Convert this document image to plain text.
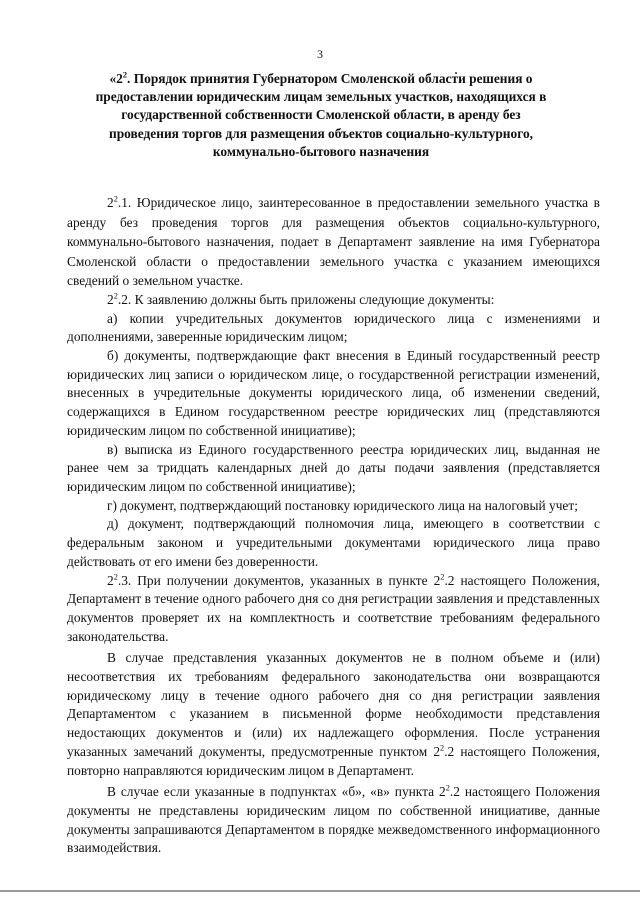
3
«$2^2$. Порядок принятия Губернатором Смоленской области решения о предоставлении юридическим лицам земельных участков, находящихся в государственной собственности Смоленской области, в аренду без проведения торгов для размещения объектов социально-культурного, коммунально-бытового назначения

$2^2.1$. Юридическое лицо, заинтересованное в предоставлении земельного участка в аренду без проведения торгов для размещения объектов социально-культурного, коммунально-бытового назначения, подает в Департамент заявление на имя Губернатора Смоленской области о предоставлении земельного участка с указанием имеющихся сведений о земельном участке.

$2^2.2$. К заявлению должны быть приложены следующие документы:

а) копии учредительных документов юридического лица с изменениями и дополнениями, заверенные юридическим лицом;

б) документы, подтверждающие факт внесения в Единый государственный реестр юридических лиц записи о юридическом лице, о государственной регистрации изменений, внесенных в учредительные документы юридического лица, об изменении сведений, содержащихся в Едином государственном реестре юридических лиц (представляются юридическим лицом по собственной инициативе);

в) выписка из Единого государственного реестра юридических лиц, выданная не ранее чем за тридцать календарных дней до даты подачи заявления (представляется юридическим лицом по собственной инициативе);

г) документ, подтверждающий постановку юридического лица на налоговый учет;

д) документ, подтверждающий полномочия лица, имеющего в соответствии с федеральным законом и учредительными документами юридического лица право действовать от его имени без доверенности.

$2^2.3$. При получении документов, указанных в пункте $2^2.2$ настоящего Положения, Департамент в течение одного рабочего дня со дня регистрации заявления и представленных документов проверяет их на комплектность и соответствие требованиям федерального законодательства.

В случае представления указанных документов не в полном объеме и (или) несоответствия их требованиям федерального законодательства они возвращаются юридическому лицу в течение одного рабочего дня со дня регистрации заявления Департаментом с указанием в письменной форме необходимости представления недостающих документов и (или) их надлежащего оформления. После устранения указанных замечаний документы, предусмотренные пунктом $2^2.2$ настоящего Положения, повторно направляются юридическим лицом в Департамент.

В случае если указанные в подпунктах «б», «в» пункта $2^2.2$ настоящего Положения документы не представлены юридическим лицом по собственной инициативе, данные документы запрашиваются Департаментом в порядке межведомственного информационного взаимодействия.
